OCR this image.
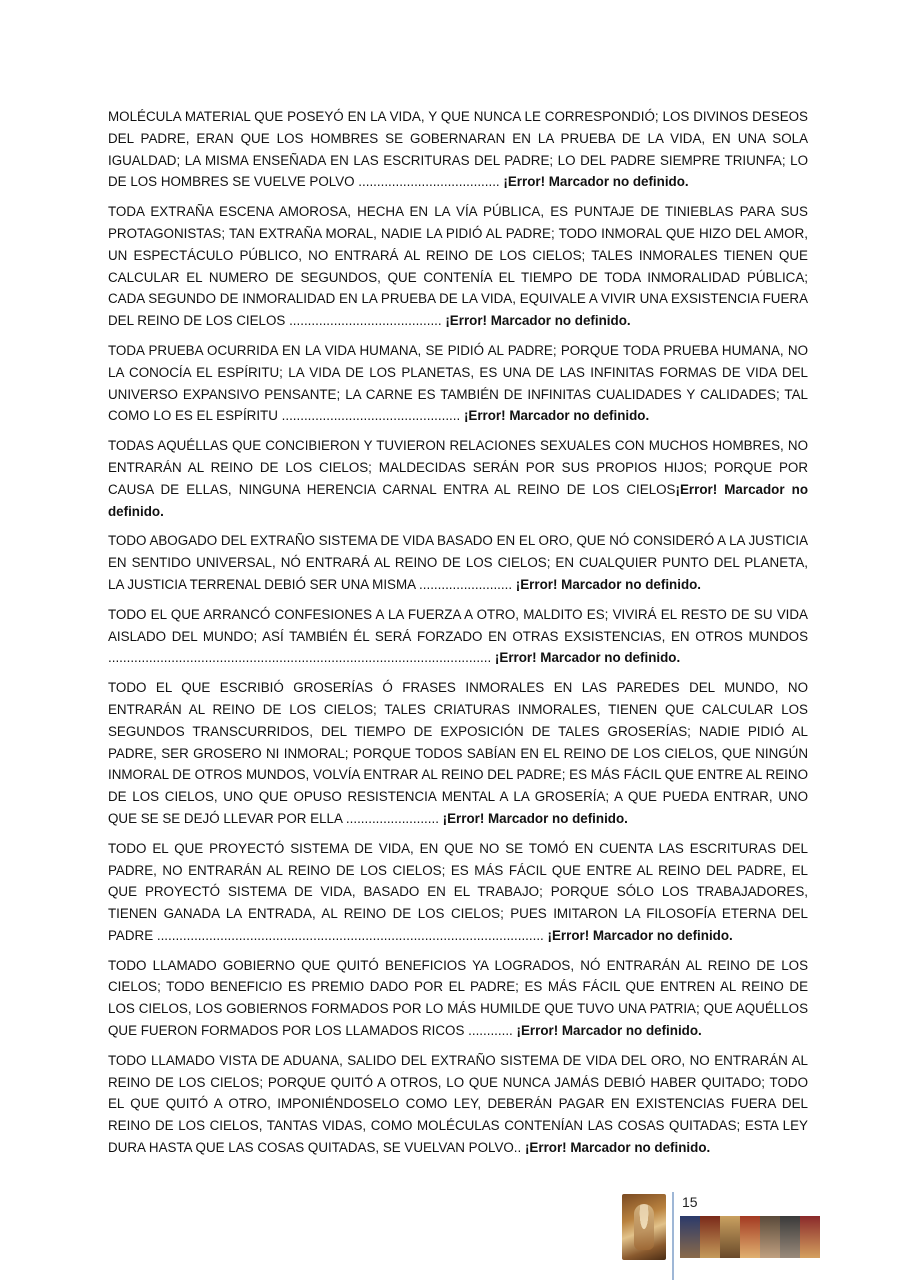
MOLÉCULA MATERIAL QUE POSEYÓ EN LA VIDA, Y QUE NUNCA LE CORRESPONDIÓ; LOS DIVINOS DESEOS DEL PADRE, ERAN QUE LOS HOMBRES SE GOBERNARAN EN LA PRUEBA DE LA VIDA, EN UNA SOLA IGUALDAD; LA MISMA ENSEÑADA EN LAS ESCRITURAS DEL PADRE; LO DEL PADRE SIEMPRE TRIUNFA; LO DE LOS HOMBRES SE VUELVE POLVO ...................................... ¡Error! Marcador no definido.

TODA EXTRAÑA ESCENA AMOROSA, HECHA EN LA VÍA PÚBLICA, ES PUNTAJE DE TINIEBLAS PARA SUS PROTAGONISTAS; TAN EXTRAÑA MORAL, NADIE LA PIDIÓ AL PADRE; TODO INMORAL QUE HIZO DEL AMOR, UN ESPECTÁCULO PÚBLICO, NO ENTRARÁ AL REINO DE LOS CIELOS; TALES INMORALES TIENEN QUE CALCULAR EL NUMERO DE SEGUNDOS, QUE CONTENÍA EL TIEMPO DE TODA INMORALIDAD PÚBLICA; CADA SEGUNDO DE INMORALIDAD EN LA PRUEBA DE LA VIDA, EQUIVALE A VIVIR UNA EXSISTENCIA FUERA DEL REINO DE LOS CIELOS ......................................... ¡Error! Marcador no definido.

TODA PRUEBA OCURRIDA EN LA VIDA HUMANA, SE PIDIÓ AL PADRE; PORQUE TODA PRUEBA HUMANA, NO LA CONOCÍA EL ESPÍRITU; LA VIDA DE LOS PLANETAS, ES UNA DE LAS INFINITAS FORMAS DE VIDA DEL UNIVERSO EXPANSIVO PENSANTE; LA CARNE ES TAMBIÉN DE INFINITAS CUALIDADES Y CALIDADES; TAL COMO LO ES EL ESPÍRITU ................................................ ¡Error! Marcador no definido.

TODAS AQUÉLLAS QUE CONCIBIERON Y TUVIERON RELACIONES SEXUALES CON MUCHOS HOMBRES, NO ENTRARÁN AL REINO DE LOS CIELOS; MALDECIDAS SERÁN POR SUS PROPIOS HIJOS; PORQUE POR CAUSA DE ELLAS, NINGUNA HERENCIA CARNAL ENTRA AL REINO DE LOS CIELOS¡Error! Marcador no definido.

TODO ABOGADO DEL EXTRAÑO SISTEMA DE VIDA BASADO EN EL ORO, QUE NÓ CONSIDERÓ A LA JUSTICIA EN SENTIDO UNIVERSAL, NÓ ENTRARÁ AL REINO DE LOS CIELOS; EN CUALQUIER PUNTO DEL PLANETA, LA JUSTICIA TERRENAL DEBIÓ SER UNA MISMA ......................... ¡Error! Marcador no definido.

TODO EL QUE ARRANCÓ CONFESIONES A LA FUERZA A OTRO, MALDITO ES; VIVIRÁ EL RESTO DE SU VIDA AISLADO DEL MUNDO; ASÍ TAMBIÉN ÉL SERÁ FORZADO EN OTRAS EXSISTENCIAS, EN OTROS MUNDOS ....................................................................................................... ¡Error! Marcador no definido.

TODO EL QUE ESCRIBIÓ GROSERÍAS Ó FRASES INMORALES EN LAS PAREDES DEL MUNDO, NO ENTRARÁN AL REINO DE LOS CIELOS; TALES CRIATURAS INMORALES, TIENEN QUE CALCULAR LOS SEGUNDOS TRANSCURRIDOS, DEL TIEMPO DE EXPOSICIÓN DE TALES GROSERÍAS; NADIE PIDIÓ AL PADRE, SER GROSERO NI INMORAL; PORQUE TODOS SABÍAN EN EL REINO DE LOS CIELOS, QUE NINGÚN INMORAL DE OTROS MUNDOS, VOLVÍA ENTRAR AL REINO DEL PADRE; ES MÁS FÁCIL QUE ENTRE AL REINO DE LOS CIELOS, UNO QUE OPUSO RESISTENCIA MENTAL A LA GROSERÍA; A QUE PUEDA ENTRAR, UNO QUE SE SE DEJÓ LLEVAR POR ELLA ......................... ¡Error! Marcador no definido.

TODO EL QUE PROYECTÓ SISTEMA DE VIDA, EN QUE NO SE TOMÓ EN CUENTA LAS ESCRITURAS DEL PADRE, NO ENTRARÁN AL REINO DE LOS CIELOS; ES MÁS FÁCIL QUE ENTRE AL REINO DEL PADRE, EL QUE PROYECTÓ SISTEMA DE VIDA, BASADO EN EL TRABAJO; PORQUE SÓLO LOS TRABAJADORES, TIENEN GANADA LA ENTRADA, AL REINO DE LOS CIELOS; PUES IMITARON LA FILOSOFÍA ETERNA DEL PADRE ........................................................................................................ ¡Error! Marcador no definido.

TODO LLAMADO GOBIERNO QUE QUITÓ BENEFICIOS YA LOGRADOS, NÓ ENTRARÁN AL REINO DE LOS CIELOS; TODO BENEFICIO ES PREMIO DADO POR EL PADRE; ES MÁS FÁCIL QUE ENTREN AL REINO DE LOS CIELOS, LOS GOBIERNOS FORMADOS POR LO MÁS HUMILDE QUE TUVO UNA PATRIA; QUE AQUÉLLOS QUE FUERON FORMADOS POR LOS LLAMADOS RICOS ............ ¡Error! Marcador no definido.

TODO LLAMADO VISTA DE ADUANA, SALIDO DEL EXTRAÑO SISTEMA DE VIDA DEL ORO, NO ENTRARÁN AL REINO DE LOS CIELOS; PORQUE QUITÓ A OTROS, LO QUE NUNCA JAMÁS DEBIÓ HABER QUITADO; TODO EL QUE QUITÓ A OTRO, IMPONIÉNDOSELO COMO LEY, DEBERÁN PAGAR EN EXISTENCIAS FUERA DEL REINO DE LOS CIELOS, TANTAS VIDAS, COMO MOLÉCULAS CONTENÍAN LAS COSAS QUITADAS; ESTA LEY DURA HASTA QUE LAS COSAS QUITADAS, SE VUELVAN POLVO.. ¡Error! Marcador no definido.

15
